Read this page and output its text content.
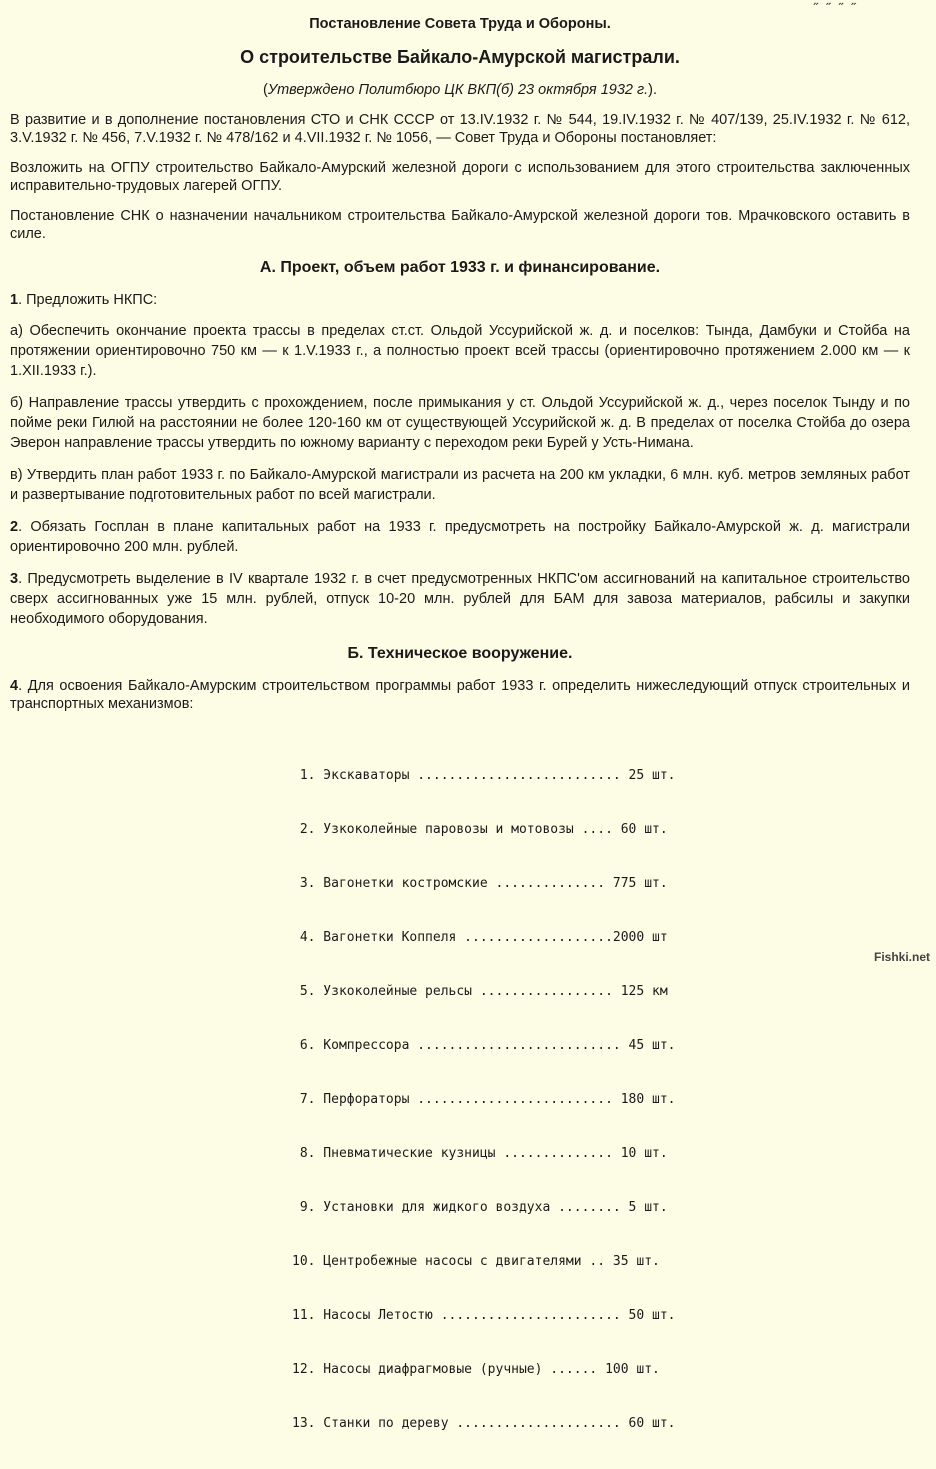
˶ ˶ ˶ ˶
Постановление Совета Труда и Обороны.
О строительстве Байкало-Амурской магистрали.
(Утверждено Политбюро ЦК ВКП(б) 23 октября 1932 г.).

В развитие и в дополнение постановления СТО и СНК СССР от 13.IV.1932 г. № 544, 19.IV.1932 г. № 407/139, 25.IV.1932 г. № 612, 3.V.1932 г. № 456, 7.V.1932 г. № 478/162 и 4.VII.1932 г. № 1056, — Совет Труда и Обороны постановляет:

Возложить на ОГПУ строительство Байкало-Амурский железной дороги с использованием для этого строительства заключенных исправительно-трудовых лагерей ОГПУ.

Постановление СНК о назначении начальником строительства Байкало-Амурской железной дороги тов. Мрачковского оставить в силе.

А. Проект, объем работ 1933 г. и финансирование.

1. Предложить НКПС:

а) Обеспечить окончание проекта трассы в пределах ст.ст. Ольдой Уссурийской ж. д. и поселков: Тында, Дамбуки и Стойба на протяжении ориентировочно 750 км — к 1.V.1933 г., а полностью проект всей трассы (ориентировочно протяжением 2.000 км — к 1.XII.1933 г.).

б) Направление трассы утвердить с прохождением, после примыкания у ст. Ольдой Уссурийской ж. д., через поселок Тынду и по пойме реки Гилюй на расстоянии не более 120-160 км от существующей Уссурийской ж. д. В пределах от поселка Стойба до озера Эверон направление трассы утвердить по южному варианту с переходом реки Бурей у Усть-Нимана.

в) Утвердить план работ 1933 г. по Байкало-Амурской магистрали из расчета на 200 км укладки, 6 млн. куб. метров земляных работ и развертывание подготовительных работ по всей магистрали.

2. Обязать Госплан в плане капитальных работ на 1933 г. предусмотреть на постройку Байкало-Амурской ж. д. магистрали ориентировочно 200 млн. рублей.

3. Предусмотреть выделение в IV квартале 1932 г. в счет предусмотренных НКПС'ом ассигнований на капитальное строительство сверх ассигнованных уже 15 млн. рублей, отпуск 10-20 млн. рублей для БАМ для завоза материалов, рабсилы и закупки необходимого оборудования.

Б. Техническое вооружение.

4. Для освоения Байкало-Амурским строительством программы работ 1933 г. определить нижеследующий отпуск строительных и транспортных механизмов:

1. Экскаваторы .......................... 25 шт.

2. Узкоколейные паровозы и мотовозы .... 60 шт.

3. Вагонетки костромские .............. 775 шт.

4. Вагонетки Коппеля ...................2000 шт

5. Узкоколейные рельсы ................. 125 км

6. Компрессора .......................... 45 шт.

7. Перфораторы ......................... 180 шт.

8. Пневматические кузницы .............. 10 шт.

9. Установки для жидкого воздуха ........ 5 шт.

10. Центробежные насосы с двигателями .. 35 шт.

11. Насосы Летостю ....................... 50 шт.

12. Насосы диафрагмовые (ручные) ...... 100 шт.

13. Станки по дереву ..................... 60 шт.

Fishki.net
